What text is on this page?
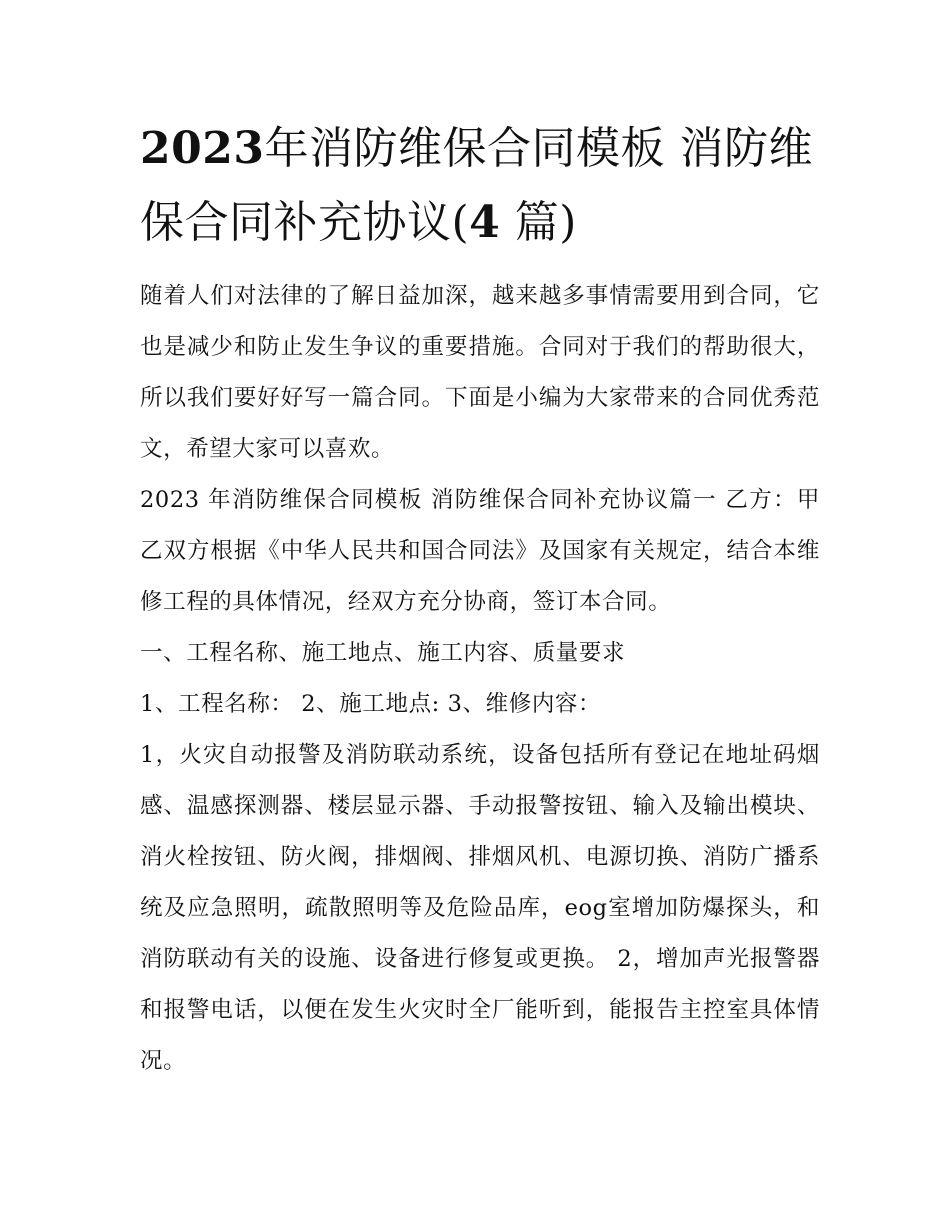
2023年消防维保合同模板 消防维保合同补充协议(4 篇)

随着人们对法律的了解日益加深，越来越多事情需要用到合同，它也是减少和防止发生争议的重要措施。合同对于我们的帮助很大，所以我们要好好写一篇合同。下面是小编为大家带来的合同优秀范文，希望大家可以喜欢。

2023 年消防维保合同模板 消防维保合同补充协议篇一 乙方：甲乙双方根据《中华人民共和国合同法》及国家有关规定，结合本维修工程的具体情况，经双方充分协商，签订本合同。

一、工程名称、施工地点、施工内容、质量要求

1、工程名称： 2、施工地点: 3、维修内容：

1，火灾自动报警及消防联动系统，设备包括所有登记在地址码烟感、温感探测器、楼层显示器、手动报警按钮、输入及输出模块、消火栓按钮、防火阀，排烟阀、排烟风机、电源切换、消防广播系统及应急照明，疏散照明等及危险品库，eog室增加防爆探头，和消防联动有关的设施、设备进行修复或更换。 2，增加声光报警器和报警电话，以便在发生火灾时全厂能听到，能报告主控室具体情况。
